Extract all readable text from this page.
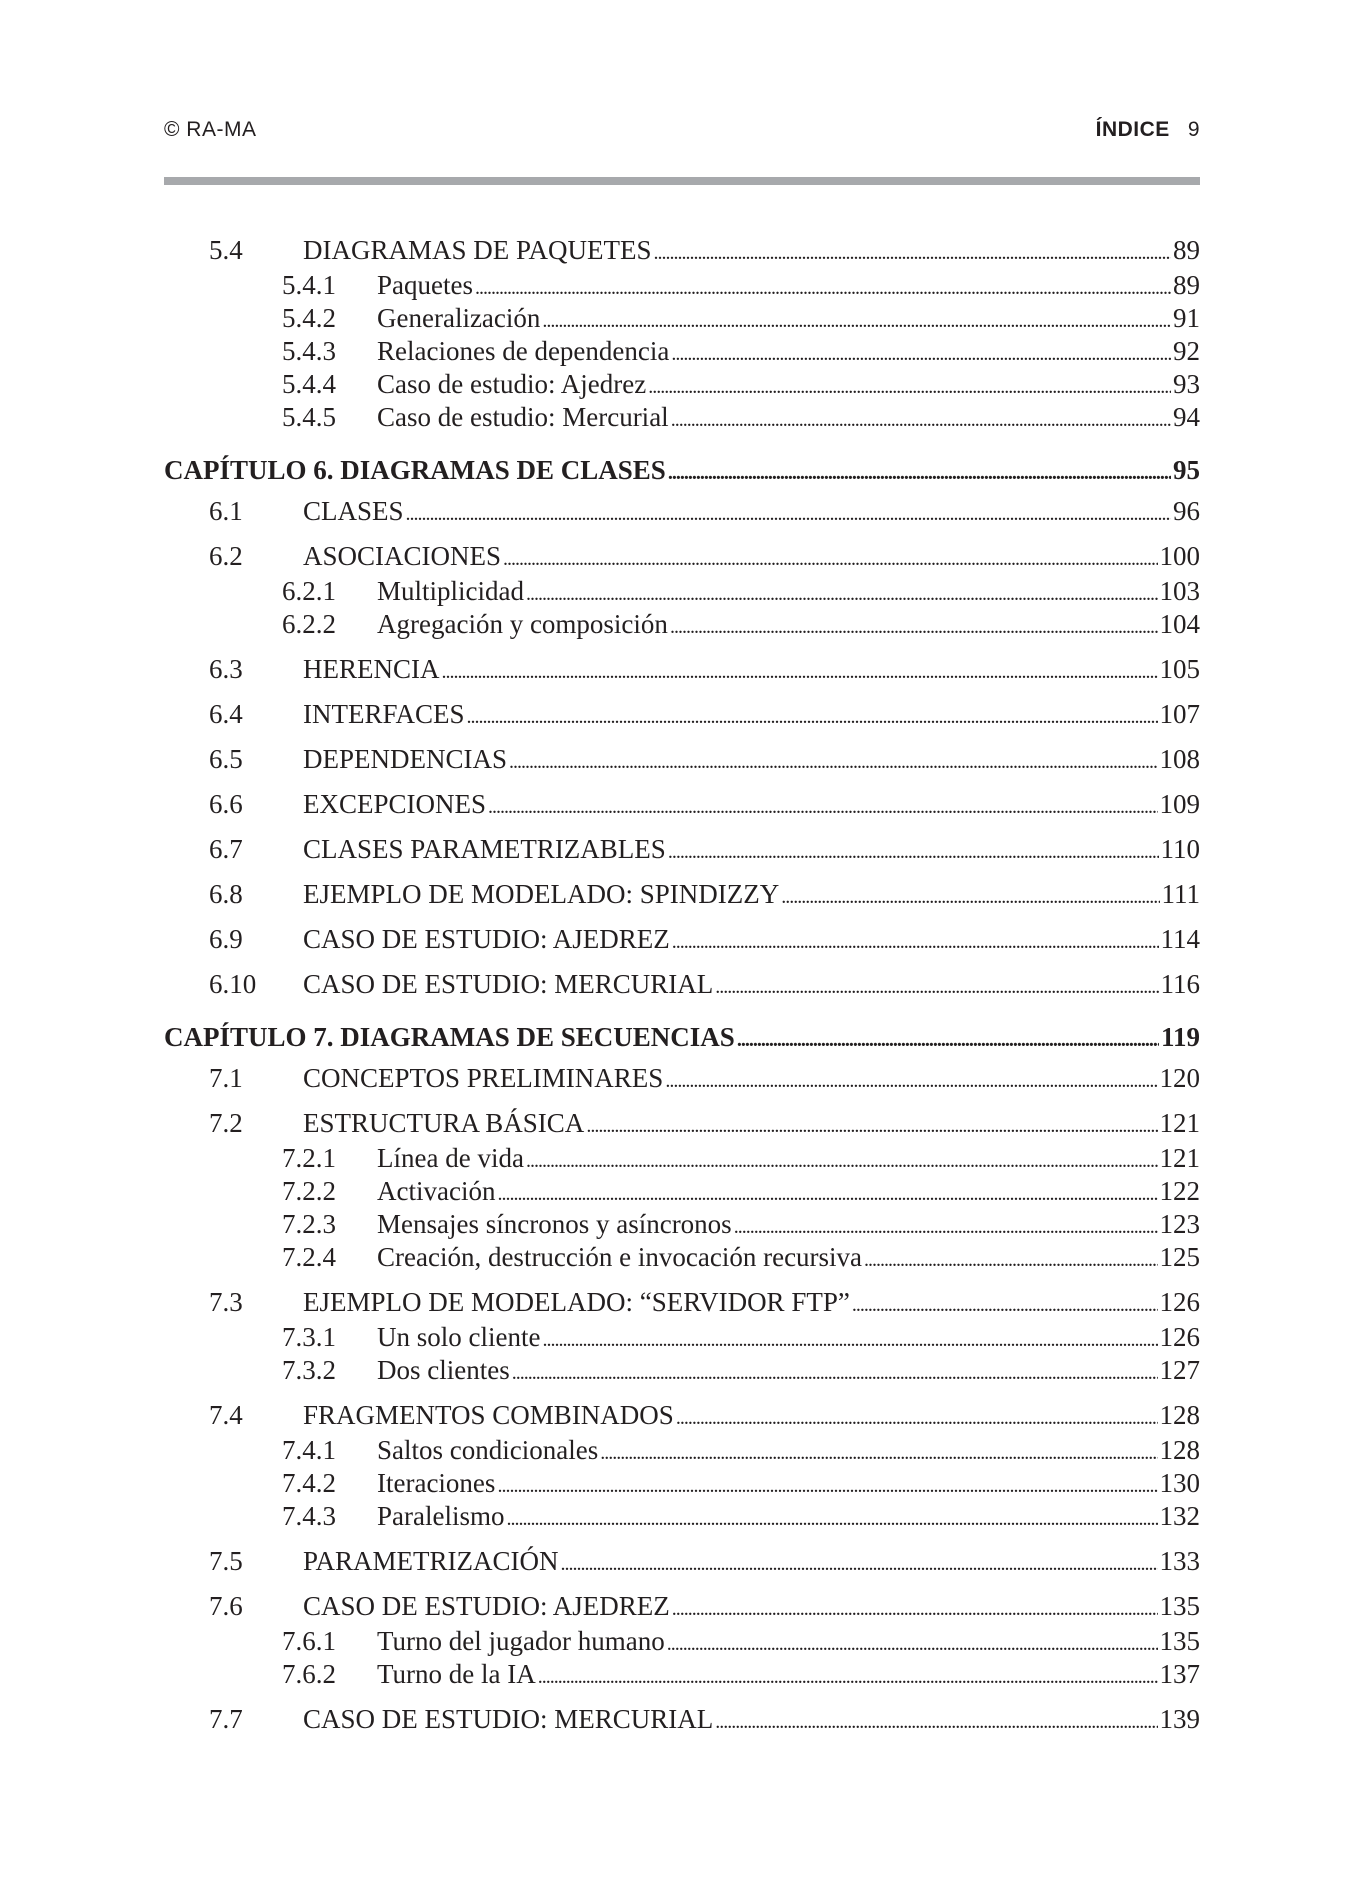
© RA-MA	ÍNDICE 9
5.4	DIAGRAMAS DE PAQUETES . . .	89
5.4.1	Paquetes . . .	89
5.4.2	Generalización . . .	91
5.4.3	Relaciones de dependencia . . .	92
5.4.4	Caso de estudio: Ajedrez . . .	93
5.4.5	Caso de estudio: Mercurial . . .	94
CAPÍTULO 6. DIAGRAMAS DE CLASES . . .	95
6.1	CLASES . . .	96
6.2	ASOCIACIONES . . .	100
6.2.1	Multiplicidad . . .	103
6.2.2	Agregación y composición . . .	104
6.3	HERENCIA . . .	105
6.4	INTERFACES . . .	107
6.5	DEPENDENCIAS . . .	108
6.6	EXCEPCIONES . . .	109
6.7	CLASES PARAMETRIZABLES . . .	110
6.8	EJEMPLO DE MODELADO: SPINDIZZY . . .	111
6.9	CASO DE ESTUDIO: AJEDREZ . . .	114
6.10	CASO DE ESTUDIO: MERCURIAL . . .	116
CAPÍTULO 7. DIAGRAMAS DE SECUENCIAS . . .	119
7.1	CONCEPTOS PRELIMINARES . . .	120
7.2	ESTRUCTURA BÁSICA . . .	121
7.2.1	Línea de vida . . .	121
7.2.2	Activación . . .	122
7.2.3	Mensajes síncronos y asíncronos . . .	123
7.2.4	Creación, destrucción e invocación recursiva . . .	125
7.3	EJEMPLO DE MODELADO: “SERVIDOR FTP” . . .	126
7.3.1	Un solo cliente . . .	126
7.3.2	Dos clientes . . .	127
7.4	FRAGMENTOS COMBINADOS . . .	128
7.4.1	Saltos condicionales . . .	128
7.4.2	Iteraciones . . .	130
7.4.3	Paralelismo . . .	132
7.5	PARAMETRIZACIÓN . . .	133
7.6	CASO DE ESTUDIO: AJEDREZ . . .	135
7.6.1	Turno del jugador humano . . .	135
7.6.2	Turno de la IA . . .	137
7.7	CASO DE ESTUDIO: MERCURIAL . . .	139
